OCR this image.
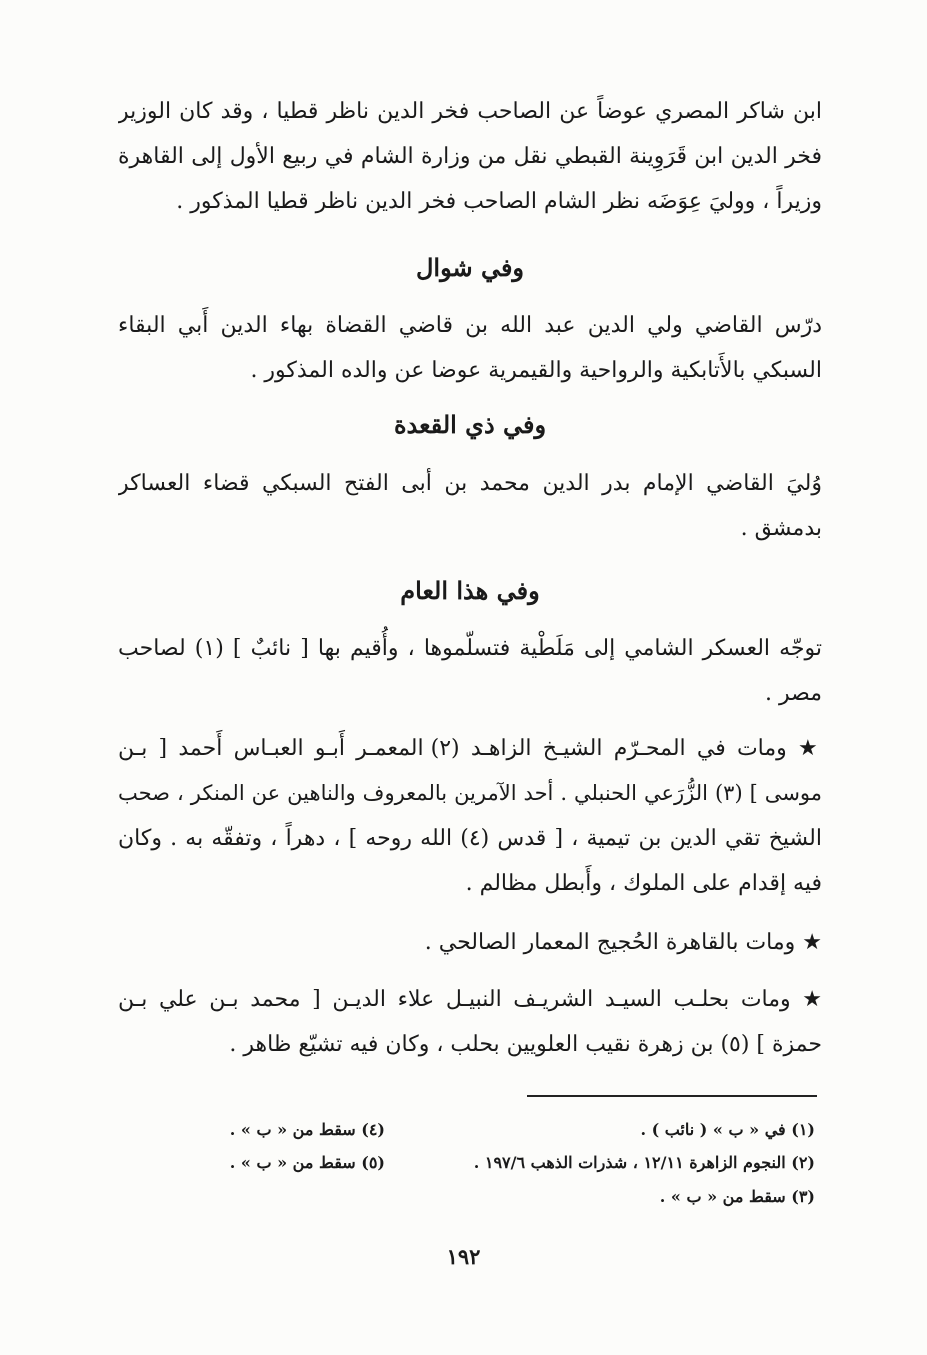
ابن شاكر المصري عوضاً عن الصاحب فخر الدين ناظر قطيا ، وقد كان الوزير
فخر الدين ابن قَرَوِينة القبطي نقل من وزارة الشام في ربيع الأول إلى القاهرة
وزيراً ، ووليَ عِوَضَه نظر الشام الصاحب فخر الدين ناظر قطيا المذكور .
وفي شوال
درّس القاضي ولي الدين عبد الله بن قاضي القضاة بهاء الدين أَبي البقاء
السبكي بالأَتابكية والرواحية والقيمرية عوضا عن والده المذكور .
وفي ذي القعدة
وُليَ القاضي الإمام بدر الدين محمد بن أبى الفتح السبكي قضاء العساكر
بدمشق .
وفي هذا العام
توجّه العسكر الشامي إلى مَلَطْية فتسلّموها ، وأُقيم بها [ نائبٌ ] (١) لصاحب
مصر .
★ ومات في المحـرّم الشيـخ الزاهـد (٢) المعمـر أَبـو العبـاس أَحمد [ بـن
موسى ] (٣) الزُّرَعي الحنبلي . أحد الآمرين بالمعروف والناهين عن المنكر ، صحب
الشيخ تقي الدين بن تيمية ، [ قدس (٤) الله روحه ] ، دهراً ، وتفقّه به . وكان
فيه إقدام على الملوك ، وأَبطل مظالم .
★ ومات بالقاهرة الحُجيج المعمار الصالحي .
★ ومات بحلـب السيـد الشريـف النبيـل علاء الديـن [ محمد بـن علي بـن
حمزة ] (٥) بن زهرة نقيب العلويين بحلب ، وكان فيه تشيّع ظاهر .
(١) في « ب » ( نائب ) .
(٤) سقط من « ب » .
(٢) النجوم الزاهرة ١٢/١١ ، شذرات الذهب ١٩٧/٦ .
(٥) سقط من « ب » .
(٣) سقط من « ب » .
١٩٢
